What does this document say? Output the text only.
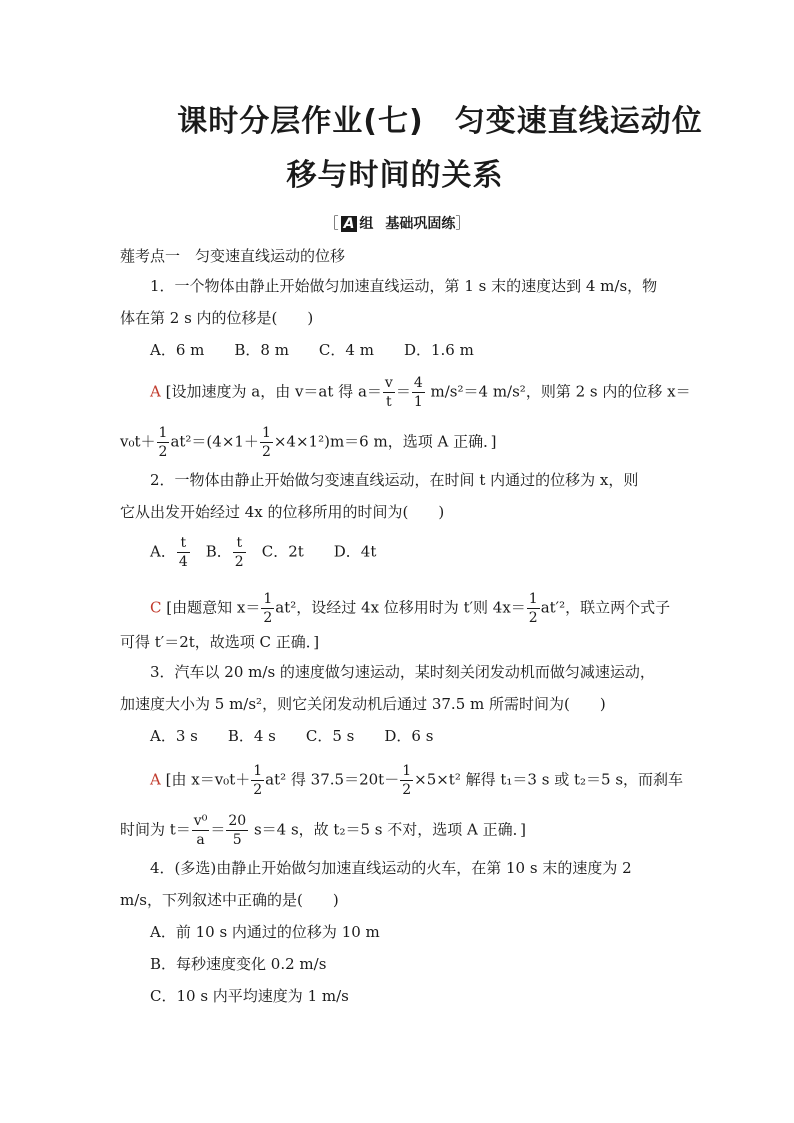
课时分层作业(七)　匀变速直线运动位
移与时间的关系
［ A 组 基础巩固练］
薤考点一　匀变速直线运动的位移
1．一个物体由静止开始做匀加速直线运动，第 1 s 末的速度达到 4 m/s，物
体在第 2 s 内的位移是(　　)
A．6 m　　B．8 m　　C．4 m　　D．1.6 m
A [设加速度为 a，由 v＝at 得 $a= \frac{v}{t} = \frac{4}{1} m/s^2=4$ m/s²，则第 2 s 内的位移 x＝
$v_0t+ \frac{1}{2} at^2=(4\times 1+ \frac{1}{2} \times 4\times 1^2)m=6$ m，选项 A 正确．]
2．一物体由静止开始做匀变速直线运动，在时间 t 内通过的位移为 x，则
它从出发开始经过 4x 的位移所用的时间为(　　)
A． $\frac{t}{4}$ 　B． $\frac{t}{2}$ 　C．2t　　D．4t
C [由题意知 $x= \frac{1}{2} at^2$，设经过 4x 位移用时为 t′则 $4x= \frac{1}{2} at'^2$，联立两个式子
可得 t′＝2t，故选项 C 正确．]
3．汽车以 20 m/s 的速度做匀速运动，某时刻关闭发动机而做匀减速运动，
加速度大小为 5 m/s²，则它关闭发动机后通过 37.5 m 所需时间为(　　)
A．3 s　　B．4 s　　C．5 s　　D．6 s
A [由 $x=v_0t+ \frac{1}{2} at^2$ 得 $37.5=20t- \frac{1}{2} \times 5\times t^2$ 解得 t₁＝3 s 或 t₂＝5 s，而刹车
时间为 $t= \frac{\text{v⁰}}{a} = \frac{20}{5} s=4$ s，故 t₂＝5 s 不对，选项 A 正确．]
4．(多选)由静止开始做匀加速直线运动的火车，在第 10 s 末的速度为 2
m/s，下列叙述中正确的是(　　)
A．前 10 s 内通过的位移为 10 m
B．每秒速度变化 0.2 m/s
C．10 s 内平均速度为 1 m/s
